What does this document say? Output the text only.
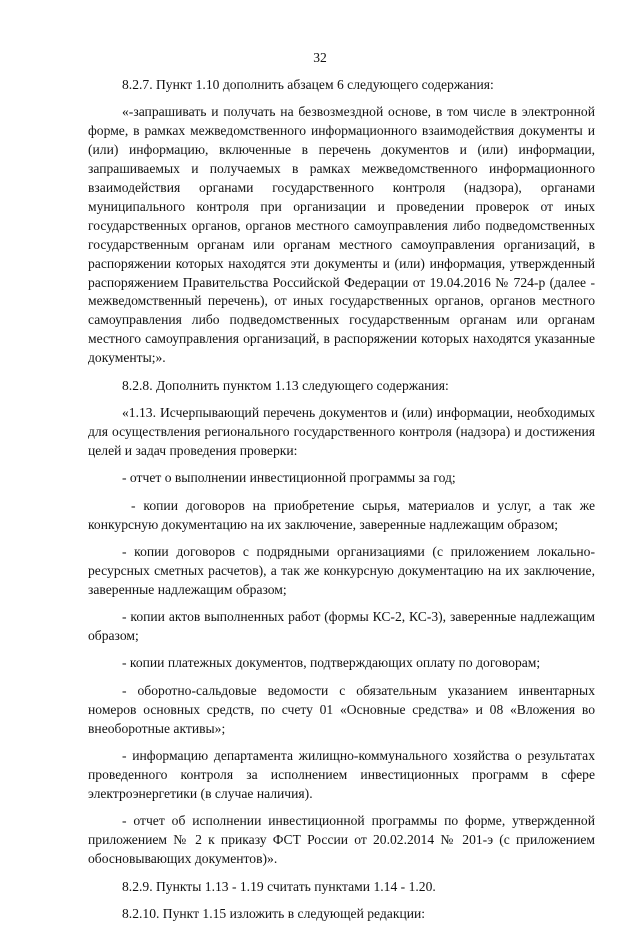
32

8.2.7. Пункт 1.10 дополнить абзацем 6 следующего содержания:

«-запрашивать и получать на безвозмездной основе, в том числе в электронной форме, в рамках межведомственного информационного взаимодействия документы и (или) информацию, включенные в перечень документов и (или) информации, запрашиваемых и получаемых в рамках межведомственного информационного взаимодействия органами государственного контроля (надзора), органами муниципального контроля при организации и проведении проверок от иных государственных органов, органов местного самоуправления либо подведомственных государственным органам или органам местного самоуправления организаций, в распоряжении которых находятся эти документы и (или) информация, утвержденный распоряжением Правительства Российской Федерации от 19.04.2016 № 724-р (далее - межведомственный перечень), от иных государственных органов, органов местного самоуправления либо подведомственных государственным органам или органам местного самоуправления организаций, в распоряжении которых находятся указанные документы;».

8.2.8. Дополнить пунктом 1.13 следующего содержания:

«1.13. Исчерпывающий перечень документов и (или) информации, необходимых для осуществления регионального государственного контроля (надзора) и достижения целей и задач проведения проверки:

- отчет о выполнении инвестиционной программы за год;

- копии договоров на приобретение сырья, материалов и услуг, а так же конкурсную документацию на их заключение, заверенные надлежащим образом;

- копии договоров с подрядными организациями (с приложением локально-ресурсных сметных расчетов), а так же конкурсную документацию на их заключение, заверенные надлежащим образом;

- копии актов выполненных работ (формы КС-2, КС-3), заверенные надлежащим образом;

- копии платежных документов, подтверждающих оплату по договорам;

- оборотно-сальдовые ведомости с обязательным указанием инвентарных номеров основных средств, по счету 01 «Основные средства» и 08 «Вложения во внеоборотные активы»;

- информацию департамента жилищно-коммунального хозяйства о результатах проведенного контроля за исполнением инвестиционных программ в сфере электроэнергетики (в случае наличия).

- отчет об исполнении инвестиционной программы по форме, утвержденной приложением № 2 к приказу ФСТ России от 20.02.2014 № 201-э (с приложением обосновывающих документов)».

8.2.9. Пункты 1.13 - 1.19 считать пунктами 1.14 - 1.20.

8.2.10. Пункт 1.15 изложить в следующей редакции:
